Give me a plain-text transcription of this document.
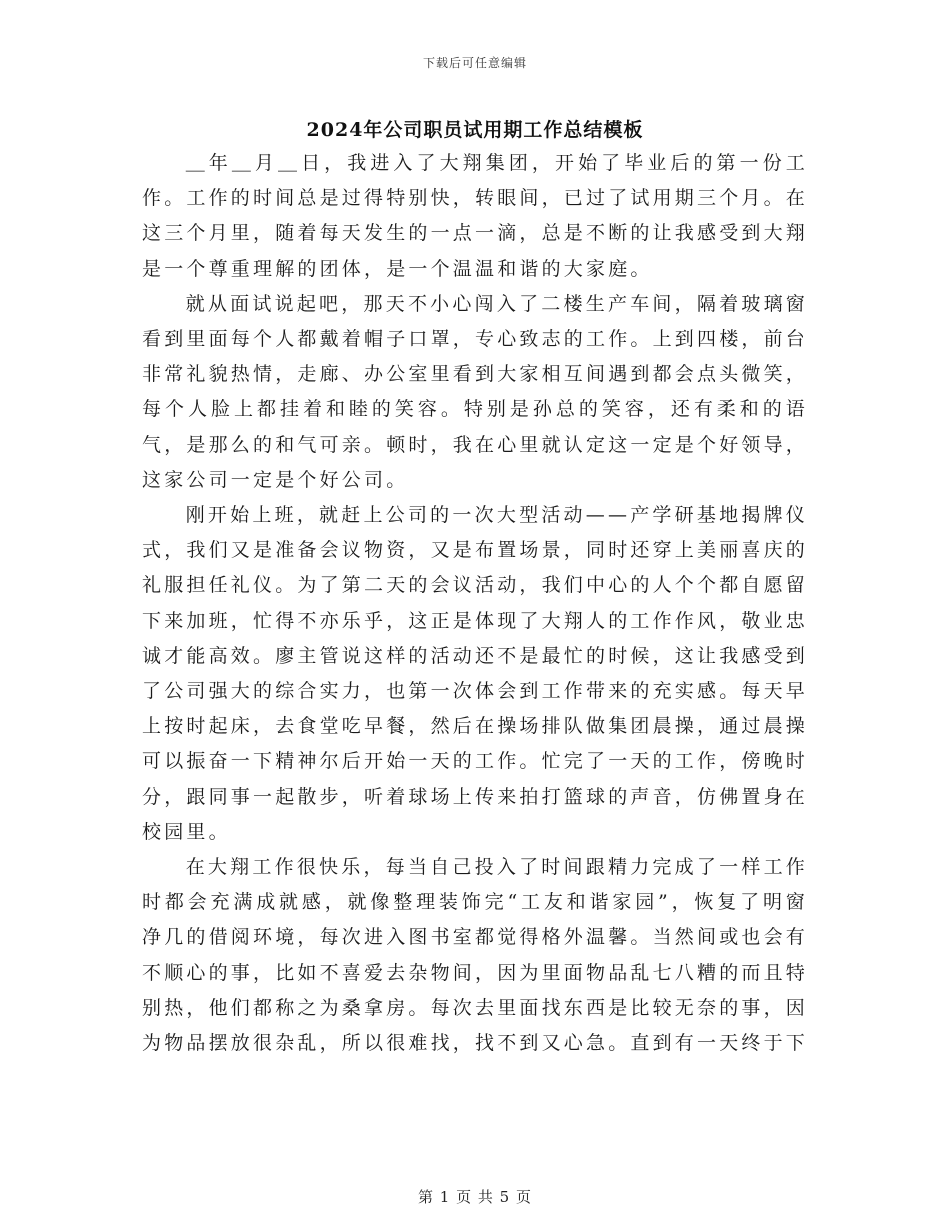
下载后可任意编辑
2024年公司职员试用期工作总结模板

＿年＿月＿日，我进入了大翔集团，开始了毕业后的第一份工作。工作的时间总是过得特别快，转眼间，已过了试用期三个月。在这三个月里，随着每天发生的一点一滴，总是不断的让我感受到大翔是一个尊重理解的团体，是一个温温和谐的大家庭。

就从面试说起吧，那天不小心闯入了二楼生产车间，隔着玻璃窗看到里面每个人都戴着帽子口罩，专心致志的工作。上到四楼，前台非常礼貌热情，走廊、办公室里看到大家相互间遇到都会点头微笑，每个人脸上都挂着和睦的笑容。特别是孙总的笑容，还有柔和的语气，是那么的和气可亲。顿时，我在心里就认定这一定是个好领导，这家公司一定是个好公司。

刚开始上班，就赶上公司的一次大型活动——产学研基地揭牌仪式，我们又是准备会议物资，又是布置场景，同时还穿上美丽喜庆的礼服担任礼仪。为了第二天的会议活动，我们中心的人个个都自愿留下来加班，忙得不亦乐乎，这正是体现了大翔人的工作作风，敬业忠诚才能高效。廖主管说这样的活动还不是最忙的时候，这让我感受到了公司强大的综合实力，也第一次体会到工作带来的充实感。每天早上按时起床，去食堂吃早餐，然后在操场排队做集团晨操，通过晨操可以振奋一下精神尔后开始一天的工作。忙完了一天的工作，傍晚时分，跟同事一起散步，听着球场上传来拍打篮球的声音，仿佛置身在校园里。

在大翔工作很快乐，每当自己投入了时间跟精力完成了一样工作时都会充满成就感，就像整理装饰完“工友和谐家园”，恢复了明窗净几的借阅环境，每次进入图书室都觉得格外温馨。当然间或也会有不顺心的事，比如不喜爱去杂物间，因为里面物品乱七八糟的而且特别热，他们都称之为桑拿房。每次去里面找东西是比较无奈的事，因为物品摆放很杂乱，所以很难找，找不到又心急。直到有一天终于下

第 1 页 共 5 页
